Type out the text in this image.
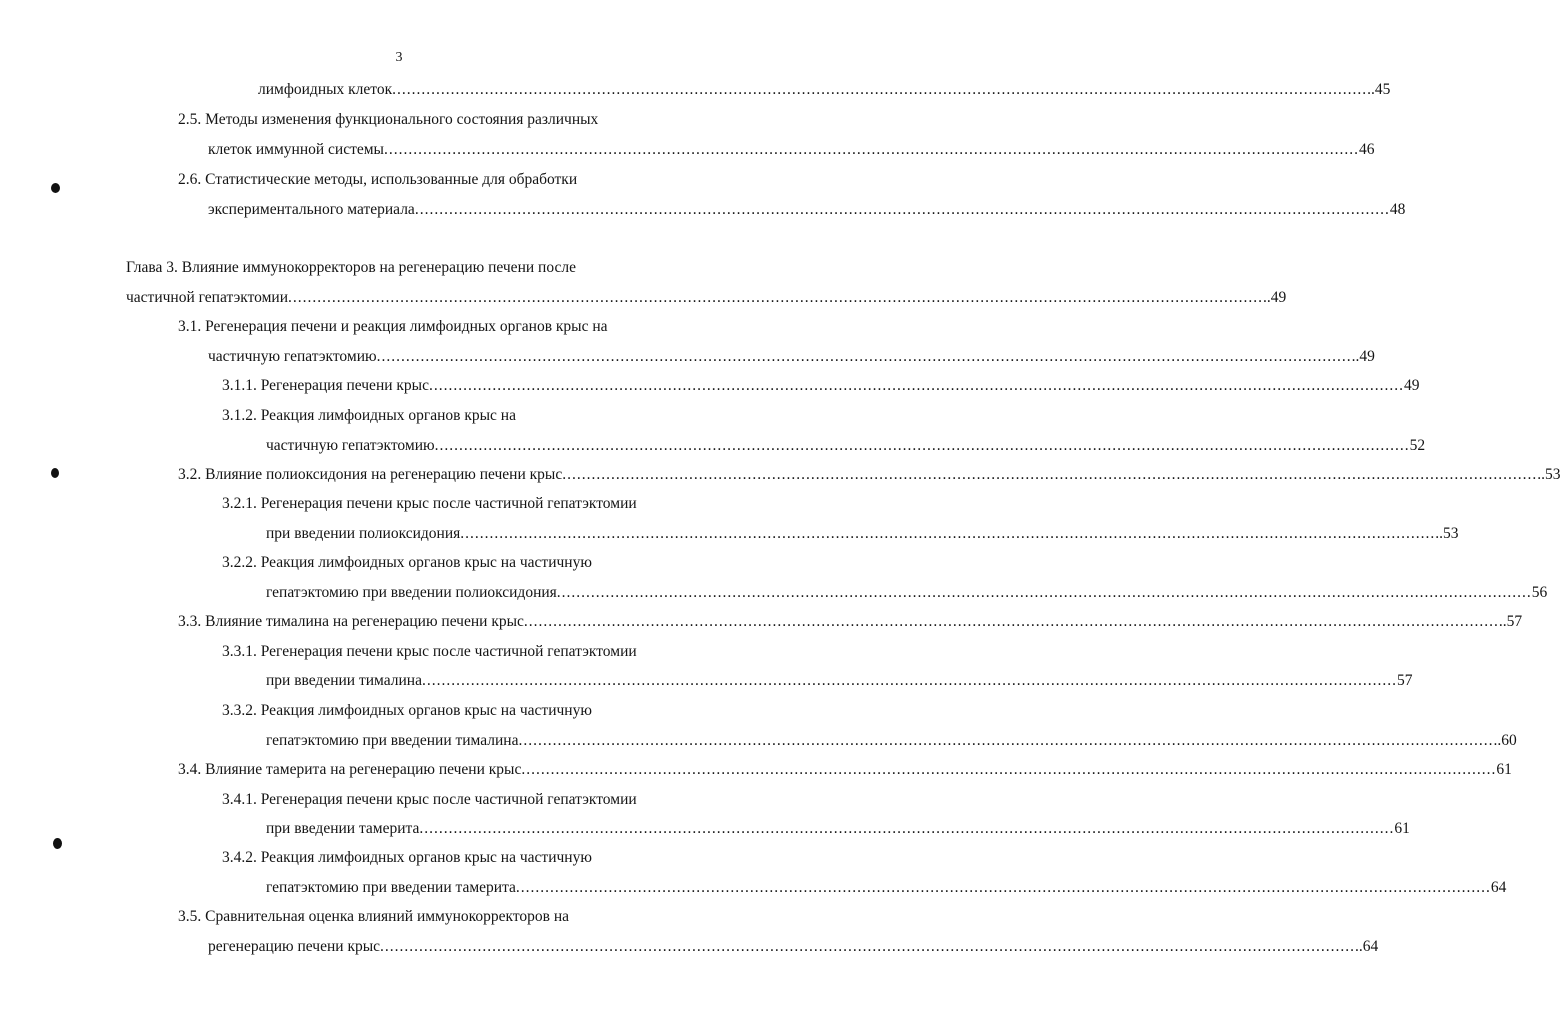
3
лимфоидных клеток ........................................................................................................................................................................................................ ..45
2.5. Методы изменения функционального состояния различных
клеток иммунной системы ........................................................................................................................................................................................................ 46
2.6. Статистические методы, использованные для обработки
экспериментального материала ........................................................................................................................................................................................................ 48
Глава 3. Влияние иммунокорректоров на регенерацию печени после
частичной гепатэктомии ........................................................................................................................................................................................................ ..49
3.1. Регенерация печени и реакция лимфоидных органов крыс на
частичную гепатэктомию ........................................................................................................................................................................................................ ..49
3.1.1. Регенерация печени крыс ........................................................................................................................................................................................................ 49
3.1.2. Реакция лимфоидных органов крыс на
частичную гепатэктомию ........................................................................................................................................................................................................ 52
3.2. Влияние полиоксидония на регенерацию печени крыс ........................................................................................................................................................................................................ ..53
3.2.1. Регенерация печени крыс после частичной гепатэктомии
при введении полиоксидония ........................................................................................................................................................................................................ ..53
3.2.2. Реакция лимфоидных органов крыс на частичную
гепатэктомию при введении полиоксидония ........................................................................................................................................................................................................ 56
3.3. Влияние тималина на регенерацию печени крыс ........................................................................................................................................................................................................ ..57
3.3.1. Регенерация печени крыс после частичной гепатэктомии
при введении тималина ........................................................................................................................................................................................................ 57
3.3.2. Реакция лимфоидных органов крыс на частичную
гепатэктомию при введении тималина ........................................................................................................................................................................................................ ..60
3.4. Влияние тамерита на регенерацию печени крыс ........................................................................................................................................................................................................ 61
3.4.1. Регенерация печени крыс после частичной гепатэктомии
при введении тамерита ........................................................................................................................................................................................................ 61
3.4.2. Реакция лимфоидных органов крыс на частичную
гепатэктомию при введении тамерита ........................................................................................................................................................................................................ 64
3.5. Сравнительная оценка влияний иммунокорректоров на
регенерацию печени крыс ........................................................................................................................................................................................................ ..64
